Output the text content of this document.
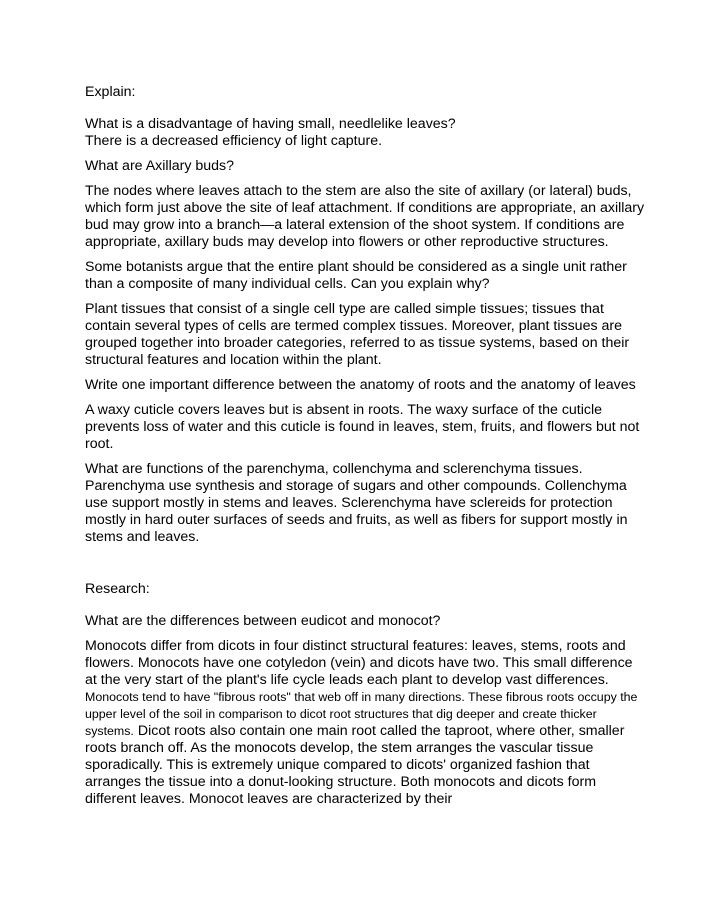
Explain:
What is a disadvantage of having small, needlelike leaves?
There is a decreased efficiency of light capture.
What are Axillary buds?
The nodes where leaves attach to the stem are also the site of axillary (or lateral) buds, which form just above the site of leaf attachment. If conditions are appropriate, an axillary bud may grow into a branch—a lateral extension of the shoot system. If conditions are appropriate, axillary buds may develop into flowers or other reproductive structures.
Some botanists argue that the entire plant should be considered as a single unit rather than a composite of many individual cells. Can you explain why?
Plant tissues that consist of a single cell type are called simple tissues; tissues that contain several types of cells are termed complex tissues. Moreover, plant tissues are grouped together into broader categories, referred to as tissue systems, based on their structural features and location within the plant.
Write one important difference between the anatomy of roots and the anatomy of leaves
A waxy cuticle covers leaves but is absent in roots. The waxy surface of the cuticle prevents loss of water and this cuticle is found in leaves, stem, fruits, and flowers but not root.
What are functions of the parenchyma, collenchyma and sclerenchyma tissues.
Parenchyma use synthesis and storage of sugars and other compounds. Collenchyma use support mostly in stems and leaves. Sclerenchyma have sclereids for protection mostly in hard outer surfaces of seeds and fruits, as well as fibers for support mostly in stems and leaves.
Research:
What are the differences between eudicot and monocot?
Monocots differ from dicots in four distinct structural features: leaves, stems, roots and flowers. Monocots have one cotyledon (vein) and dicots have two. This small difference at the very start of the plant's life cycle leads each plant to develop vast differences. Monocots tend to have "fibrous roots" that web off in many directions. These fibrous roots occupy the upper level of the soil in comparison to dicot root structures that dig deeper and create thicker systems. Dicot roots also contain one main root called the taproot, where other, smaller roots branch off. As the monocots develop, the stem arranges the vascular tissue sporadically. This is extremely unique compared to dicots' organized fashion that arranges the tissue into a donut-looking structure. Both monocots and dicots form different leaves. Monocot leaves are characterized by their
